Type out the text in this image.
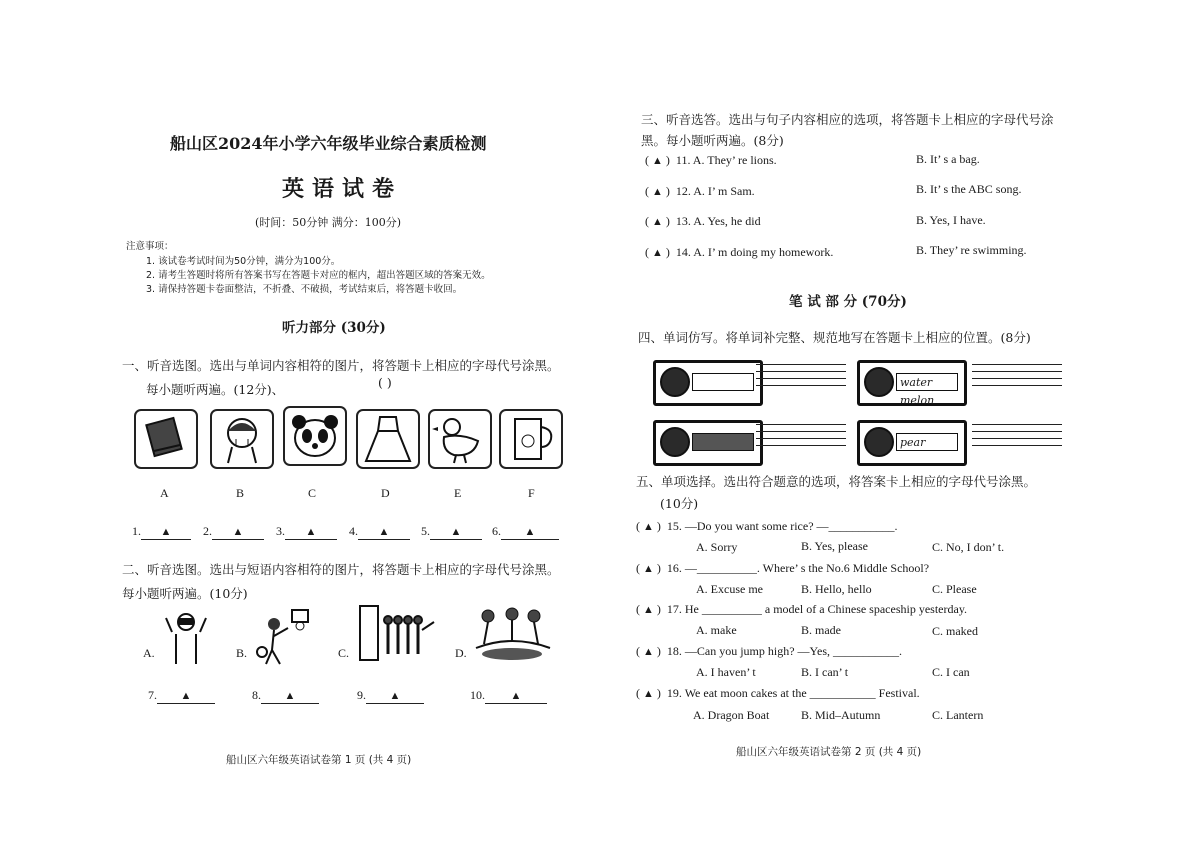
船山区2024年小学六年级毕业综合素质检测
英语试卷
(时间：50分钟 满分：100分)
注意事项：
1. 该试卷考试时间为50分钟，满分为100分。
2. 请考生答题时将所有答案书写在答题卡对应的框内，超出答题区域的答案无效。
3. 请保持答题卡卷面整洁，不折叠、不破损，考试结束后，将答题卡收回。
听力部分 (30分)
一、听音选图。选出与单词内容相符的图片，将答题卡上相应的字母代号涂黑。
每小题听两遍。(12分)、	( )
A	B	C	D	E	F
1. ▲	2. ▲	3. ▲	4. ▲	5. ▲	6. ▲
二、听音选图。选出与短语内容相符的图片，将答题卡上相应的字母代号涂黑。
每小题听两遍。(10分)
A.	B.	C.	D.
7. ▲	8. ▲	9. ▲	10. ▲
船山区六年级英语试卷第 1 页 (共 4 页)
三、听音选答。选出与句子内容相应的选项，将答题卡上相应的字母代号涂
黑。每小题听两遍。(8分)
( ▲ )  11. A. They’ re lions.	B. It’ s a bag.
( ▲ )  12. A. I’ m Sam.	B. It’ s the ABC song.
( ▲ )  13. A. Yes, he did	B. Yes, I have.
( ▲ )  14. A. I’ m doing my homework.	B. They’ re swimming.
笔 试 部 分 (70分)
四、单词仿写。将单词补完整、规范地写在答题卡上相应的位置。(8分)
water melon
pear
五、单项选择。选出符合题意的选项，将答案卡上相应的字母代号涂黑。
(10分)
( ▲ )  15. —Do you want some rice? —___________.
A. Sorry	B. Yes, please	C. No, I don’ t.
( ▲ )  16. —__________. Where’ s the No.6 Middle School?
A. Excuse me	B. Hello, hello	C. Please
( ▲ )  17. He __________ a model of a Chinese spaceship yesterday.
A. make	B. made	C. maked
( ▲ )  18. —Can you jump high? —Yes, ___________.
A. I haven’ t	B. I can’ t	C. I can
( ▲ )  19. We eat moon cakes at the ___________ Festival.
A. Dragon Boat	B. Mid–Autumn	C. Lantern
船山区六年级英语试卷第 2 页 (共 4 页)
